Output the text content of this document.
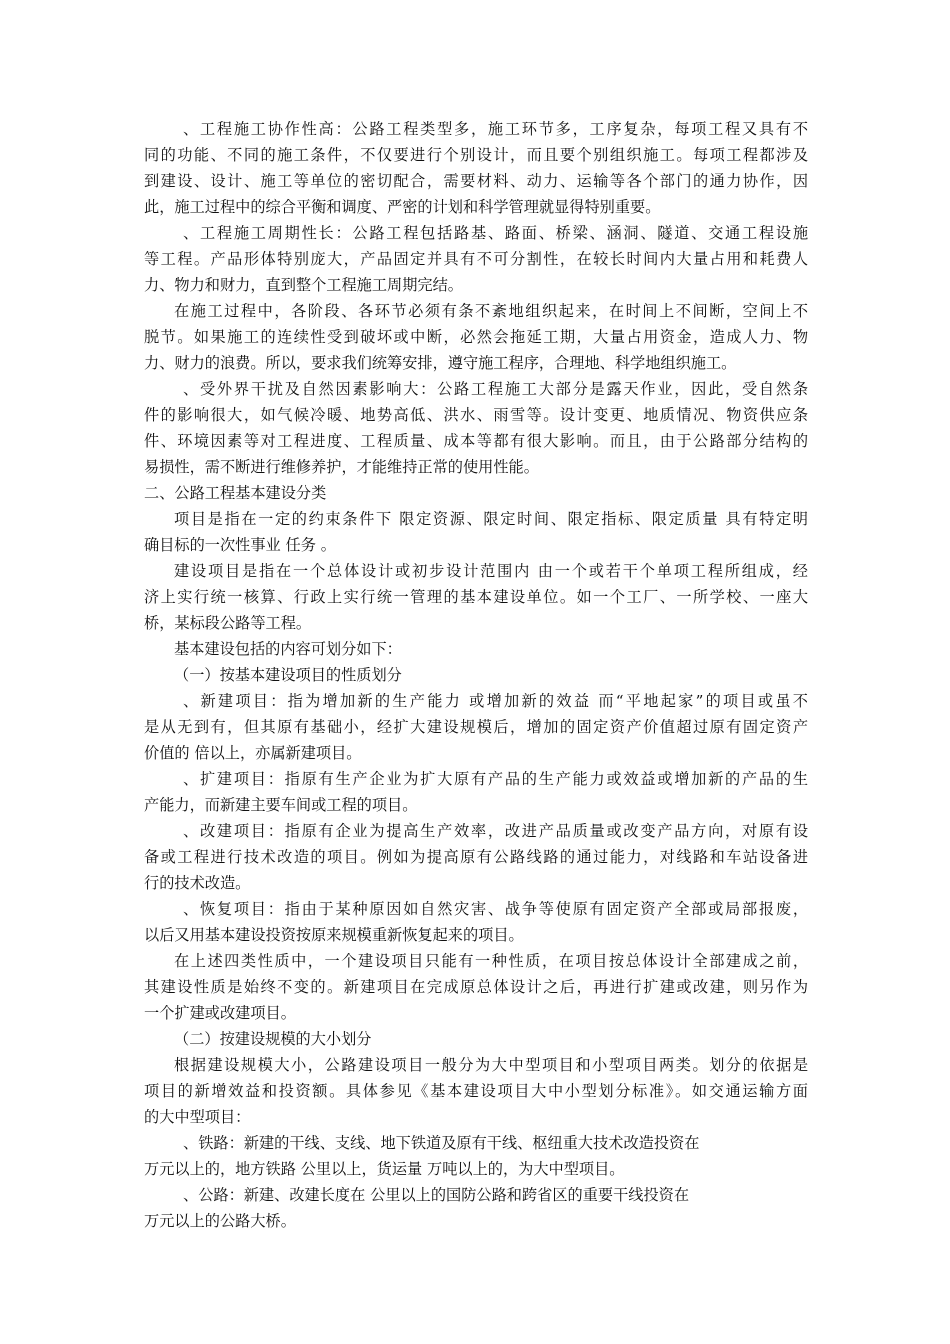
、工程施工协作性高：公路工程类型多，施工环节多，工序复杂，每项工程又具有不
同的功能、不同的施工条件，不仅要进行个别设计，而且要个别组织施工。每项工程都涉及
到建设、设计、施工等单位的密切配合，需要材料、动力、运输等各个部门的通力协作，因
此，施工过程中的综合平衡和调度、严密的计划和科学管理就显得特别重要。
、工程施工周期性长：公路工程包括路基、路面、桥梁、涵洞、隧道、交通工程设施
等工程。产品形体特别庞大，产品固定并具有不可分割性，在较长时间内大量占用和耗费人
力、物力和财力，直到整个工程施工周期完结。
在施工过程中，各阶段、各环节必须有条不紊地组织起来，在时间上不间断，空间上不
脱节。如果施工的连续性受到破坏或中断，必然会拖延工期，大量占用资金，造成人力、物
力、财力的浪费。所以，要求我们统筹安排，遵守施工程序，合理地、科学地组织施工。
、受外界干扰及自然因素影响大：公路工程施工大部分是露天作业，因此，受自然条
件的影响很大，如气候冷暖、地势高低、洪水、雨雪等。设计变更、地质情况、物资供应条
件、环境因素等对工程进度、工程质量、成本等都有很大影响。而且，由于公路部分结构的
易损性，需不断进行维修养护，才能维持正常的使用性能。
二、公路工程基本建设分类
项目是指在一定的约束条件下 限定资源、限定时间、限定指标、限定质量 具有特定明
确目标的一次性事业 任务 。
建设项目是指在一个总体设计或初步设计范围内 由一个或若干个单项工程所组成，经
济上实行统一核算、行政上实行统一管理的基本建设单位。如一个工厂、一所学校、一座大
桥，某标段公路等工程。
基本建设包括的内容可划分如下：
（一）按基本建设项目的性质划分
、新建项目：指为增加新的生产能力 或增加新的效益 而“平地起家”的项目或虽不
是从无到有，但其原有基础小，经扩大建设规模后，增加的固定资产价值超过原有固定资产
价值的 倍以上，亦属新建项目。
、扩建项目：指原有生产企业为扩大原有产品的生产能力或效益或增加新的产品的生
产能力，而新建主要车间或工程的项目。
、改建项目：指原有企业为提高生产效率，改进产品质量或改变产品方向，对原有设
备或工程进行技术改造的项目。例如为提高原有公路线路的通过能力，对线路和车站设备进
行的技术改造。
、恢复项目：指由于某种原因如自然灾害、战争等使原有固定资产全部或局部报废，
以后又用基本建设投资按原来规模重新恢复起来的项目。
在上述四类性质中，一个建设项目只能有一种性质，在项目按总体设计全部建成之前，
其建设性质是始终不变的。新建项目在完成原总体设计之后，再进行扩建或改建，则另作为
一个扩建或改建项目。
（二）按建设规模的大小划分
根据建设规模大小，公路建设项目一般分为大中型项目和小型项目两类。划分的依据是
项目的新增效益和投资额。具体参见《基本建设项目大中小型划分标准》。如交通运输方面
的大中型项目：
、铁路：新建的干线、支线、地下铁道及原有干线、枢纽重大技术改造投资在
万元以上的，地方铁路 公里以上，货运量 万吨以上的，为大中型项目。
、公路：新建、改建长度在 公里以上的国防公路和跨省区的重要干线投资在
万元以上的公路大桥。
